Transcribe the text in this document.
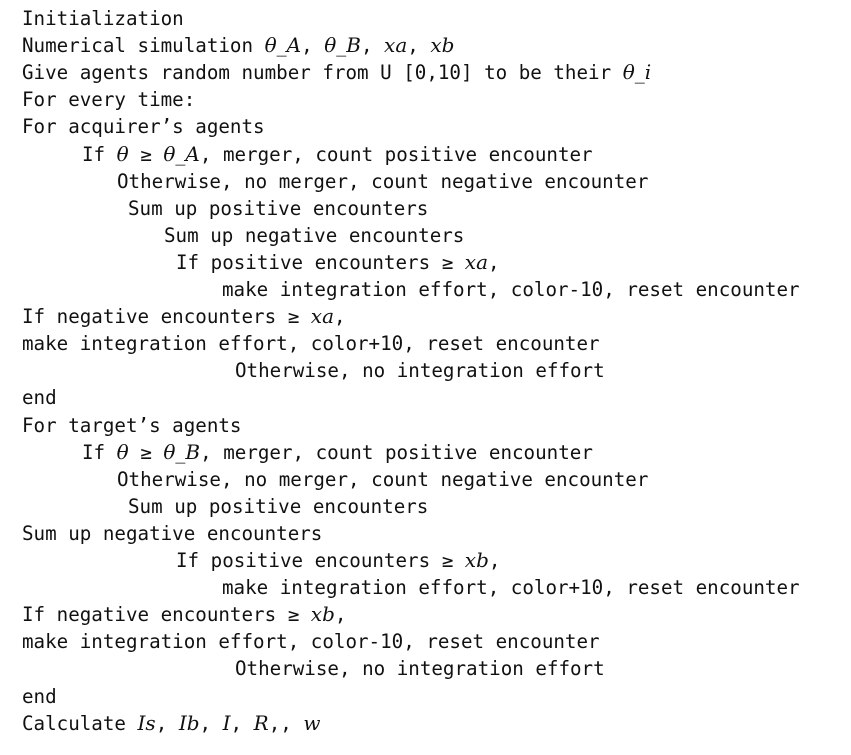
Initialization
Numerical simulation θ_A, θ_B, xa, xb
Give agents random number from U [0,10] to be their θ_i
For every time:
For acquirer’s agents
If θ ≥ θ_A, merger, count positive encounter
Otherwise, no merger, count negative encounter
Sum up positive encounters
Sum up negative encounters
If positive encounters ≥ xa,
make integration effort, color-10, reset encounter
If negative encounters ≥ xa,
make integration effort, color+10, reset encounter
Otherwise, no integration effort
end
For target’s agents
If θ ≥ θ_B, merger, count positive encounter
Otherwise, no merger, count negative encounter
Sum up positive encounters
Sum up negative encounters
If positive encounters ≥ xb,
make integration effort, color+10, reset encounter
If negative encounters ≥ xb,
make integration effort, color-10, reset encounter
Otherwise, no integration effort
end
Calculate Is, Ib, I, R,, w
